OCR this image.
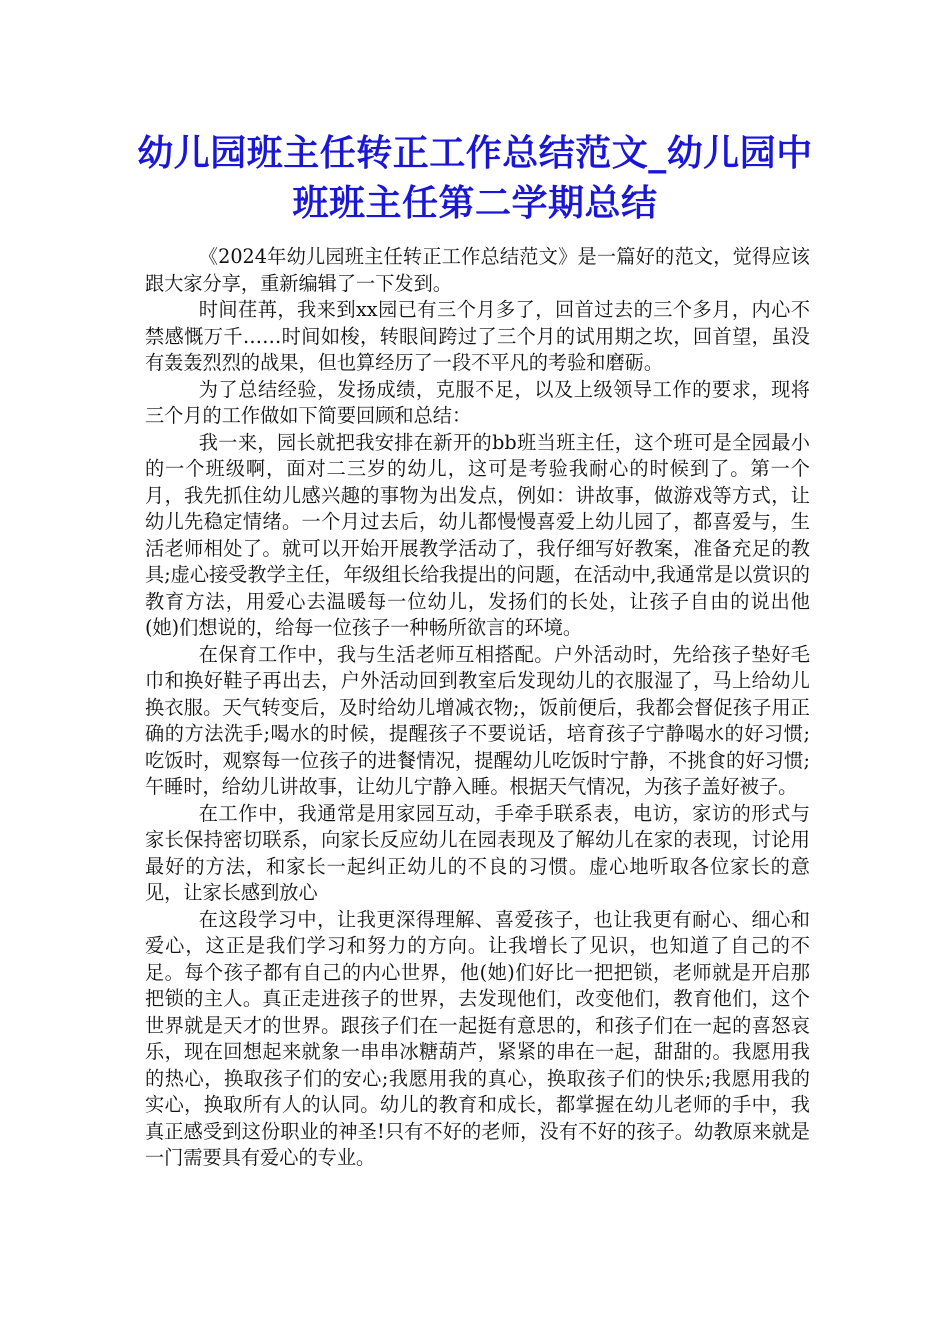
幼儿园班主任转正工作总结范文_幼儿园中班班主任第二学期总结

《2024年幼儿园班主任转正工作总结范文》是一篇好的范文，觉得应该跟大家分享，重新编辑了一下发到。

时间荏苒，我来到xx园已有三个月多了，回首过去的三个多月，内心不禁感慨万千……时间如梭，转眼间跨过了三个月的试用期之坎，回首望，虽没有轰轰烈烈的战果，但也算经历了一段不平凡的考验和磨砺。

为了总结经验，发扬成绩，克服不足，以及上级领导工作的要求，现将三个月的工作做如下简要回顾和总结：

我一来，园长就把我安排在新开的bb班当班主任，这个班可是全园最小的一个班级啊，面对二三岁的幼儿，这可是考验我耐心的时候到了。第一个月，我先抓住幼儿感兴趣的事物为出发点，例如：讲故事，做游戏等方式，让幼儿先稳定情绪。一个月过去后，幼儿都慢慢喜爱上幼儿园了，都喜爱与，生活老师相处了。就可以开始开展教学活动了，我仔细写好教案，准备充足的教具;虚心接受教学主任，年级组长给我提出的问题，在活动中,我通常是以赏识的教育方法，用爱心去温暖每一位幼儿，发扬们的长处，让孩子自由的说出他(她)们想说的，给每一位孩子一种畅所欲言的环境。

在保育工作中，我与生活老师互相搭配。户外活动时，先给孩子垫好毛巾和换好鞋子再出去，户外活动回到教室后发现幼儿的衣服湿了，马上给幼儿换衣服。天气转变后，及时给幼儿增减衣物;，饭前便后，我都会督促孩子用正确的方法洗手;喝水的时候，提醒孩子不要说话，培育孩子宁静喝水的好习惯;吃饭时，观察每一位孩子的进餐情况，提醒幼儿吃饭时宁静，不挑食的好习惯;午睡时，给幼儿讲故事，让幼儿宁静入睡。根据天气情况，为孩子盖好被子。

在工作中，我通常是用家园互动，手牵手联系表，电访，家访的形式与家长保持密切联系，向家长反应幼儿在园表现及了解幼儿在家的表现，讨论用最好的方法，和家长一起纠正幼儿的不良的习惯。虚心地听取各位家长的意见，让家长感到放心

在这段学习中，让我更深得理解、喜爱孩子，也让我更有耐心、细心和爱心，这正是我们学习和努力的方向。让我增长了见识，也知道了自己的不足。每个孩子都有自己的内心世界，他(她)们好比一把把锁，老师就是开启那把锁的主人。真正走进孩子的世界，去发现他们，改变他们，教育他们，这个世界就是天才的世界。跟孩子们在一起挺有意思的，和孩子们在一起的喜怒哀乐，现在回想起来就象一串串冰糖葫芦，紧紧的串在一起，甜甜的。我愿用我的热心，换取孩子们的安心;我愿用我的真心，换取孩子们的快乐;我愿用我的实心，换取所有人的认同。幼儿的教育和成长，都掌握在幼儿老师的手中，我真正感受到这份职业的神圣!只有不好的老师，没有不好的孩子。幼教原来就是一门需要具有爱心的专业。
